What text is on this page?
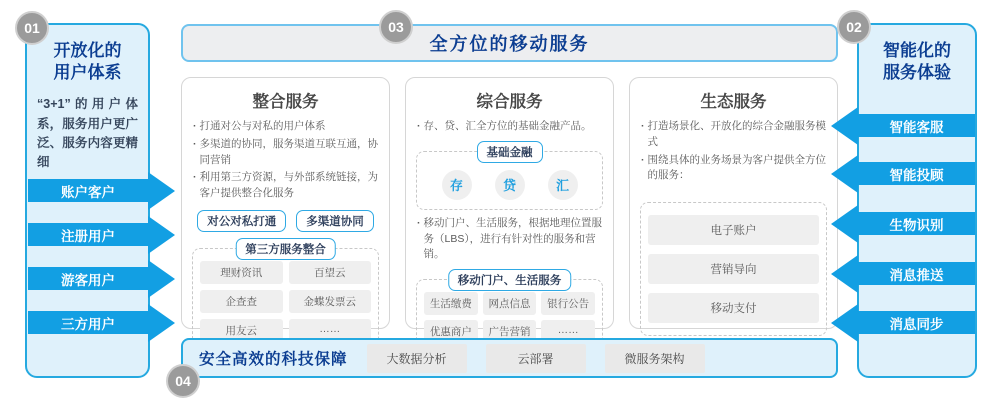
01	02
03
04
开放化的
用户体系
“3+1”的用户体系，服务用户更广泛、服务内容更精细
账户客户
注册用户
游客用户
三方用户
智能化的
服务体验
智能客服
智能投顾
生物识别
消息推送
消息同步
全方位的移动服务
整合服务
· 打通对公与对私的用户体系
· 多渠道的协同，服务渠道互联互通，协同营销
· 利用第三方资源，与外部系统链接，为客户提供整合化服务
对公对私打通	多渠道协同
第三方服务整合
理财资讯	百望云
企查查	金蝶发票云
用友云	……
综合服务
· 存、贷、汇全方位的基础金融产品。
基础金融
存	贷	汇
· 移动门户、生活服务，根据地理位置服务（LBS），进行有针对性的服务和营销。
移动门户、生活服务
生活缴费	网点信息	银行公告
优惠商户	广告营销	……
生态服务
· 打造场景化、开放化的综合金融服务模式
· 围绕具体的业务场景为客户提供全方位的服务：
电子账户
营销导向
移动支付
安全高效的科技保障	大数据分析	云部署	微服务架构
